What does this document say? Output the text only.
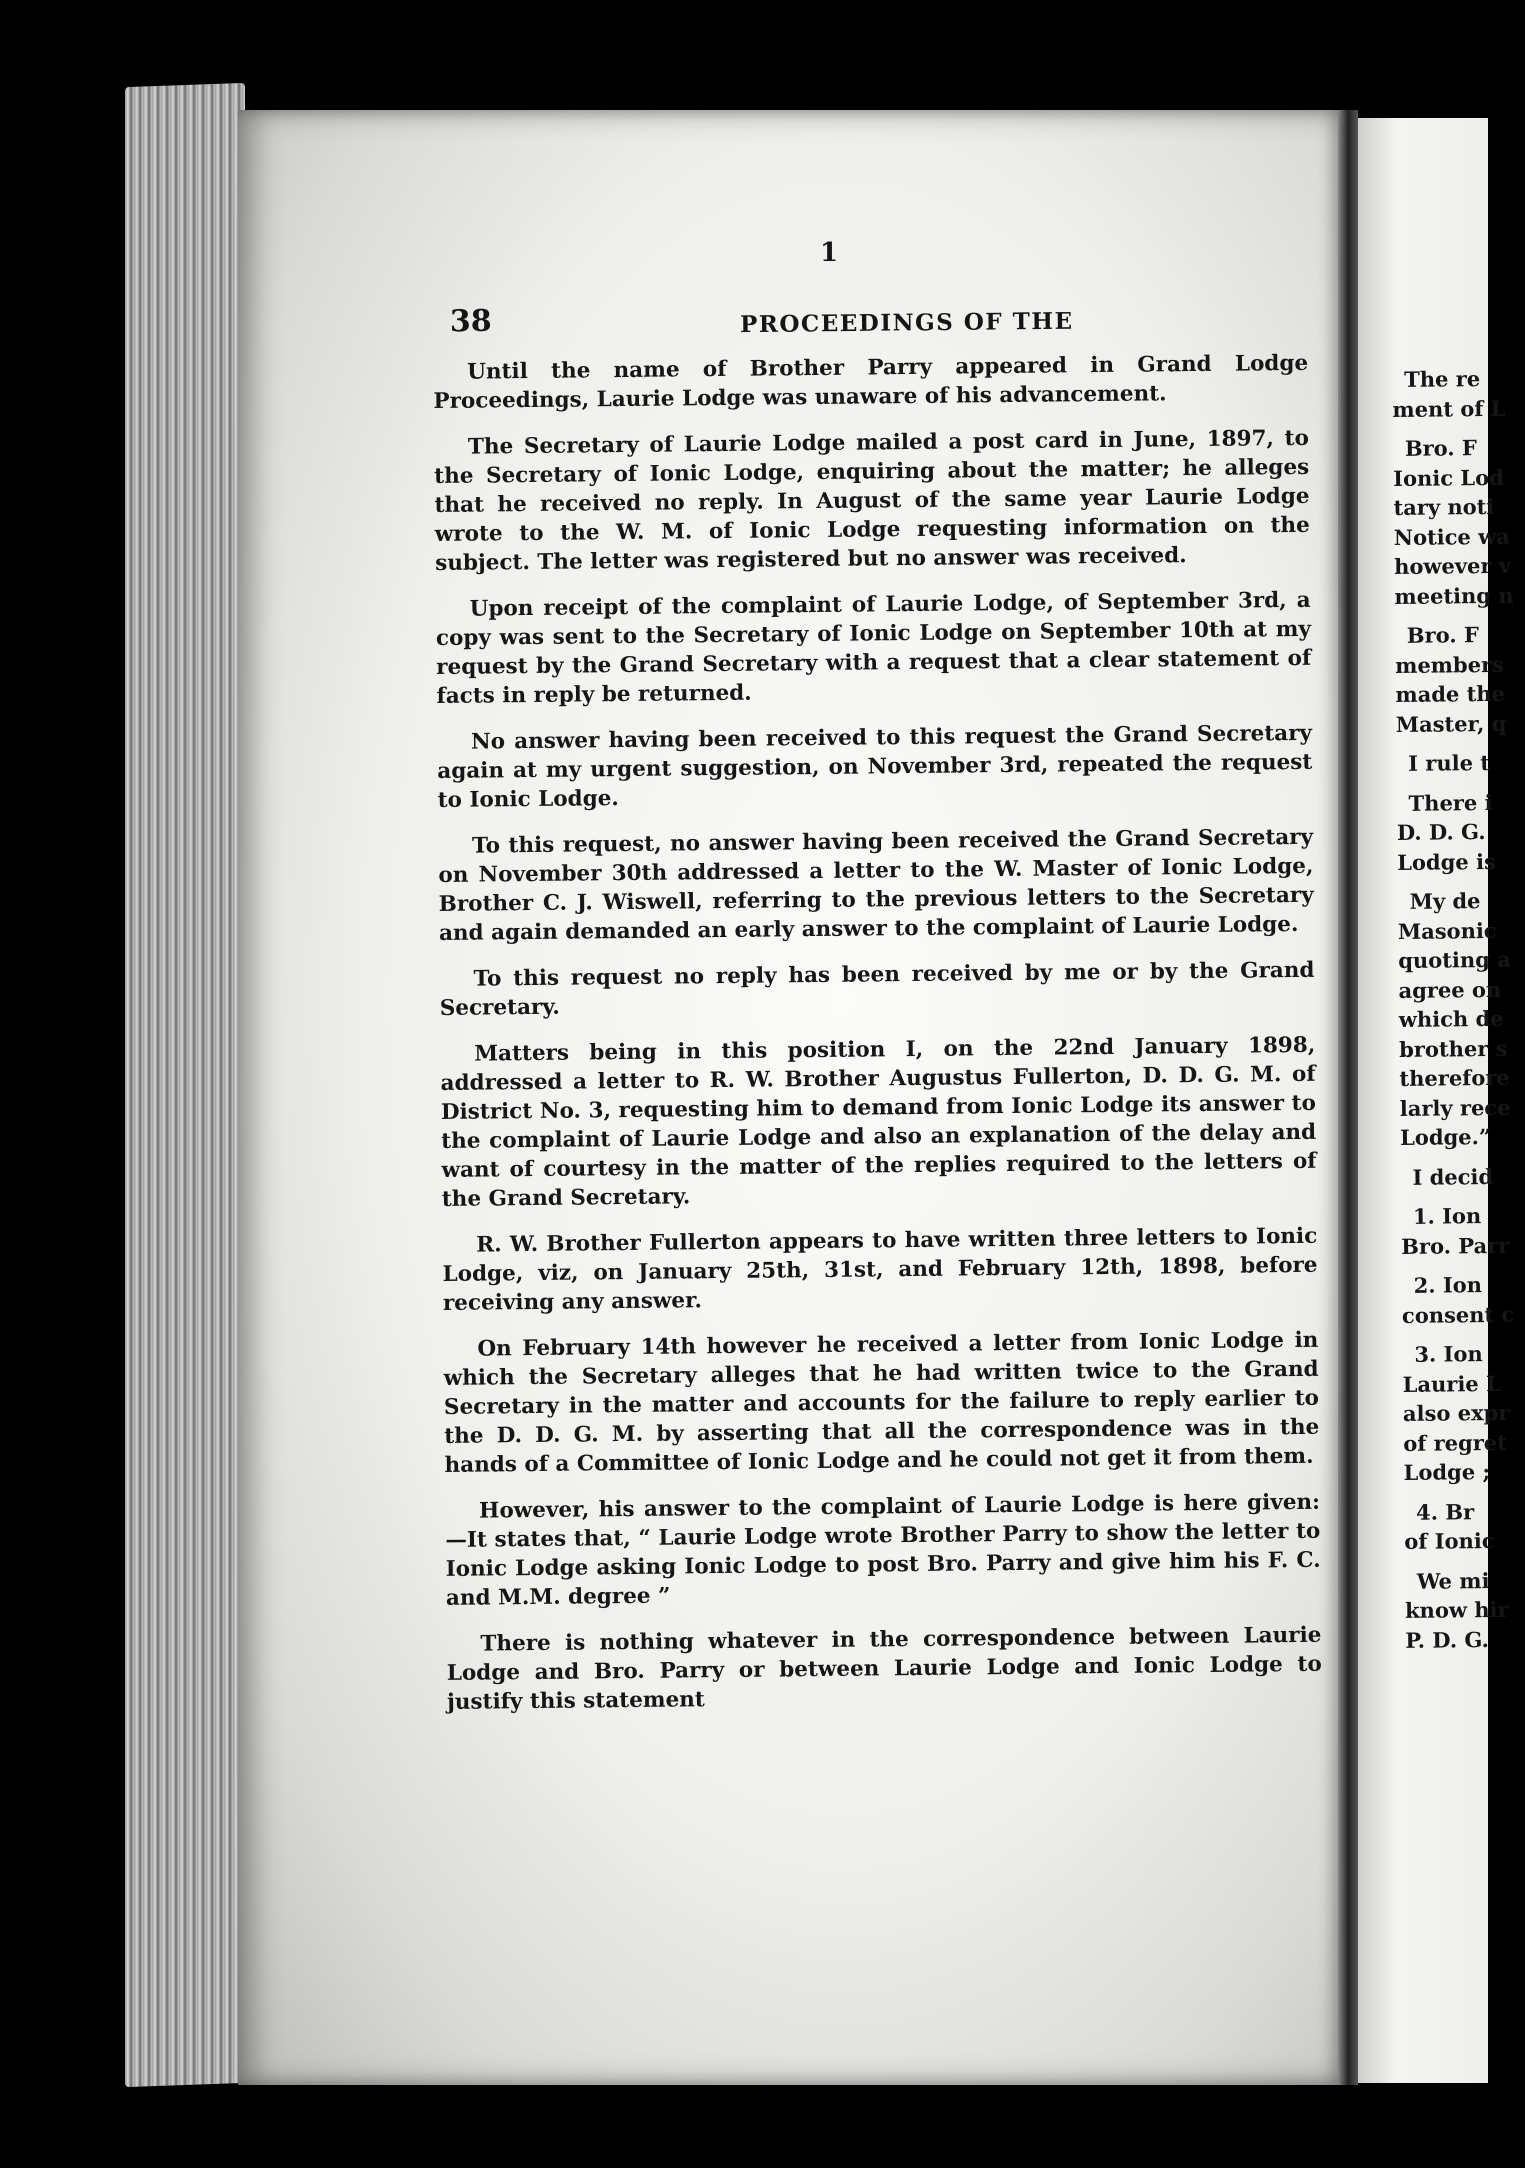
1
38	PROCEEDINGS OF THE

Until the name of Brother Parry appeared in Grand Lodge Proceedings, Laurie Lodge was unaware of his advancement.

The Secretary of Laurie Lodge mailed a post card in June, 1897, to the Secretary of Ionic Lodge, enquiring about the matter; he alleges that he received no reply. In August of the same year Laurie Lodge wrote to the W. M. of Ionic Lodge requesting information on the subject. The letter was registered but no answer was received.

Upon receipt of the complaint of Laurie Lodge, of September 3rd, a copy was sent to the Secretary of Ionic Lodge on September 10th at my request by the Grand Secretary with a request that a clear statement of facts in reply be returned.

No answer having been received to this request the Grand Secretary again at my urgent suggestion, on November 3rd, repeated the request to Ionic Lodge.

To this request, no answer having been received the Grand Secretary on November 30th addressed a letter to the W. Master of Ionic Lodge, Brother C. J. Wiswell, referring to the previous letters to the Secretary and again demanded an early answer to the complaint of Laurie Lodge.

To this request no reply has been received by me or by the Grand Secretary.

Matters being in this position I, on the 22nd January 1898, addressed a letter to R. W. Brother Augustus Fullerton, D. D. G. M. of District No. 3, requesting him to demand from Ionic Lodge its answer to the complaint of Laurie Lodge and also an explanation of the delay and want of courtesy in the matter of the replies required to the letters of the Grand Secretary.

R. W. Brother Fullerton appears to have written three letters to Ionic Lodge, viz, on January 25th, 31st, and February 12th, 1898, before receiving any answer.

On February 14th however he received a letter from Ionic Lodge in which the Secretary alleges that he had written twice to the Grand Secretary in the matter and accounts for the failure to reply earlier to the D. D. G. M. by asserting that all the correspondence was in the hands of a Committee of Ionic Lodge and he could not get it from them.

However, his answer to the complaint of Laurie Lodge is here given:—It states that, “ Laurie Lodge wrote Brother Parry to show the letter to Ionic Lodge asking Ionic Lodge to post Bro. Parry and give him his F. C. and M.M. degree ”

There is nothing whatever in the correspondence between Laurie Lodge and Bro. Parry or between Laurie Lodge and Ionic Lodge to justify this statement

The re
ment of L
Bro. F
Ionic Lod
tary noti
Notice wa
however v
meeting n
Bro. F
members
made the
Master, q
I rule t
There i
D. D. G.
Lodge is
My de
Masonic
quoting a
agree on
which de
brother s
therefore
larly rece
Lodge.”
I decid
1. Ion
Bro. Parr
2. Ion
consent c
3. Ion
Laurie L
also expr
of regret
Lodge ;
4. Br
of Ionic
We mi
know hir
P. D. G.
